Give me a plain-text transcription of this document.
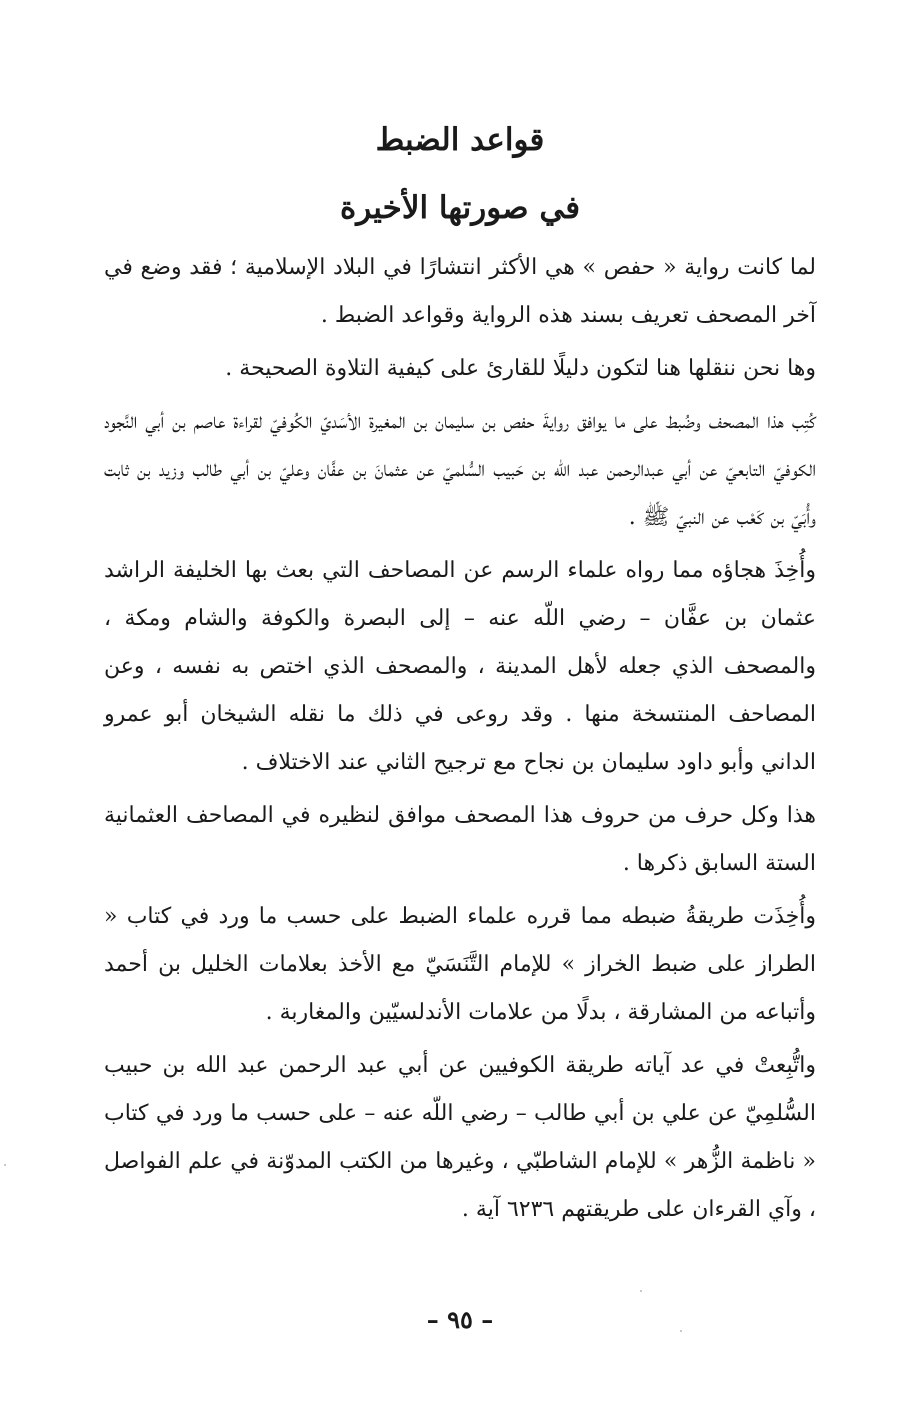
قواعد الضبط
في صورتها الأخيرة

لما كانت رواية « حفص » هي الأكثر انتشارًا في البلاد الإسلامية ؛ فقد وضع في آخر المصحف تعريف بسند هذه الرواية وقواعد الضبط .

وها نحن ننقلها هنا لتكون دليلًا للقارئ على كيفية التلاوة الصحيحة .

كُتِب هذا المصحف وضُبط على ما يوافق روايةَ حفص بن سليمان بن المغيرة الأسَديّ الكُوفيّ لقراءة عاصم بن أبي النَّجود الكوفيّ التابعيّ عن أبي عبدالرحمن عبد الله بن حَبيب السُّلميّ عن عثمانَ بن عفَّان وعليّ بن أبي طالب وزيد بن ثابت وأُبَيّ بن كَعْب عن النبيّ ﷺ .

وأُخِذَ هجاؤه مما رواه علماء الرسم عن المصاحف التي بعث بها الخليفة الراشد عثمان بن عفَّان – رضي اللّه عنه – إلى البصرة والكوفة والشام ومكة ، والمصحف الذي جعله لأهل المدينة ، والمصحف الذي اختص به نفسه ، وعن المصاحف المنتسخة منها . وقد روعى في ذلك ما نقله الشيخان أبو عمرو الداني وأبو داود سليمان بن نجاح مع ترجيح الثاني عند الاختلاف .

هذا وكل حرف من حروف هذا المصحف موافق لنظيره في المصاحف العثمانية الستة السابق ذكرها .

وأُخِذَت طريقةُ ضبطه مما قرره علماء الضبط على حسب ما ورد في كتاب « الطراز على ضبط الخراز » للإمام التَّنَسَيّ مع الأخذ بعلامات الخليل بن أحمد وأتباعه من المشارقة ، بدلًا من علامات الأندلسيّين والمغاربة .

واتُّبِعتْ في عد آياته طريقة الكوفيين عن أبي عبد الرحمن عبد الله بن حبيب السُّلمِيّ عن علي بن أبي طالب – رضي اللّه عنه – على حسب ما ورد في كتاب « ناظمة الزُّهر » للإمام الشاطبّي ، وغيرها من الكتب المدوّنة في علم الفواصل ، وآي القرءان على طريقتهم ٦٢٣٦ آية .

– ٩٥ –
